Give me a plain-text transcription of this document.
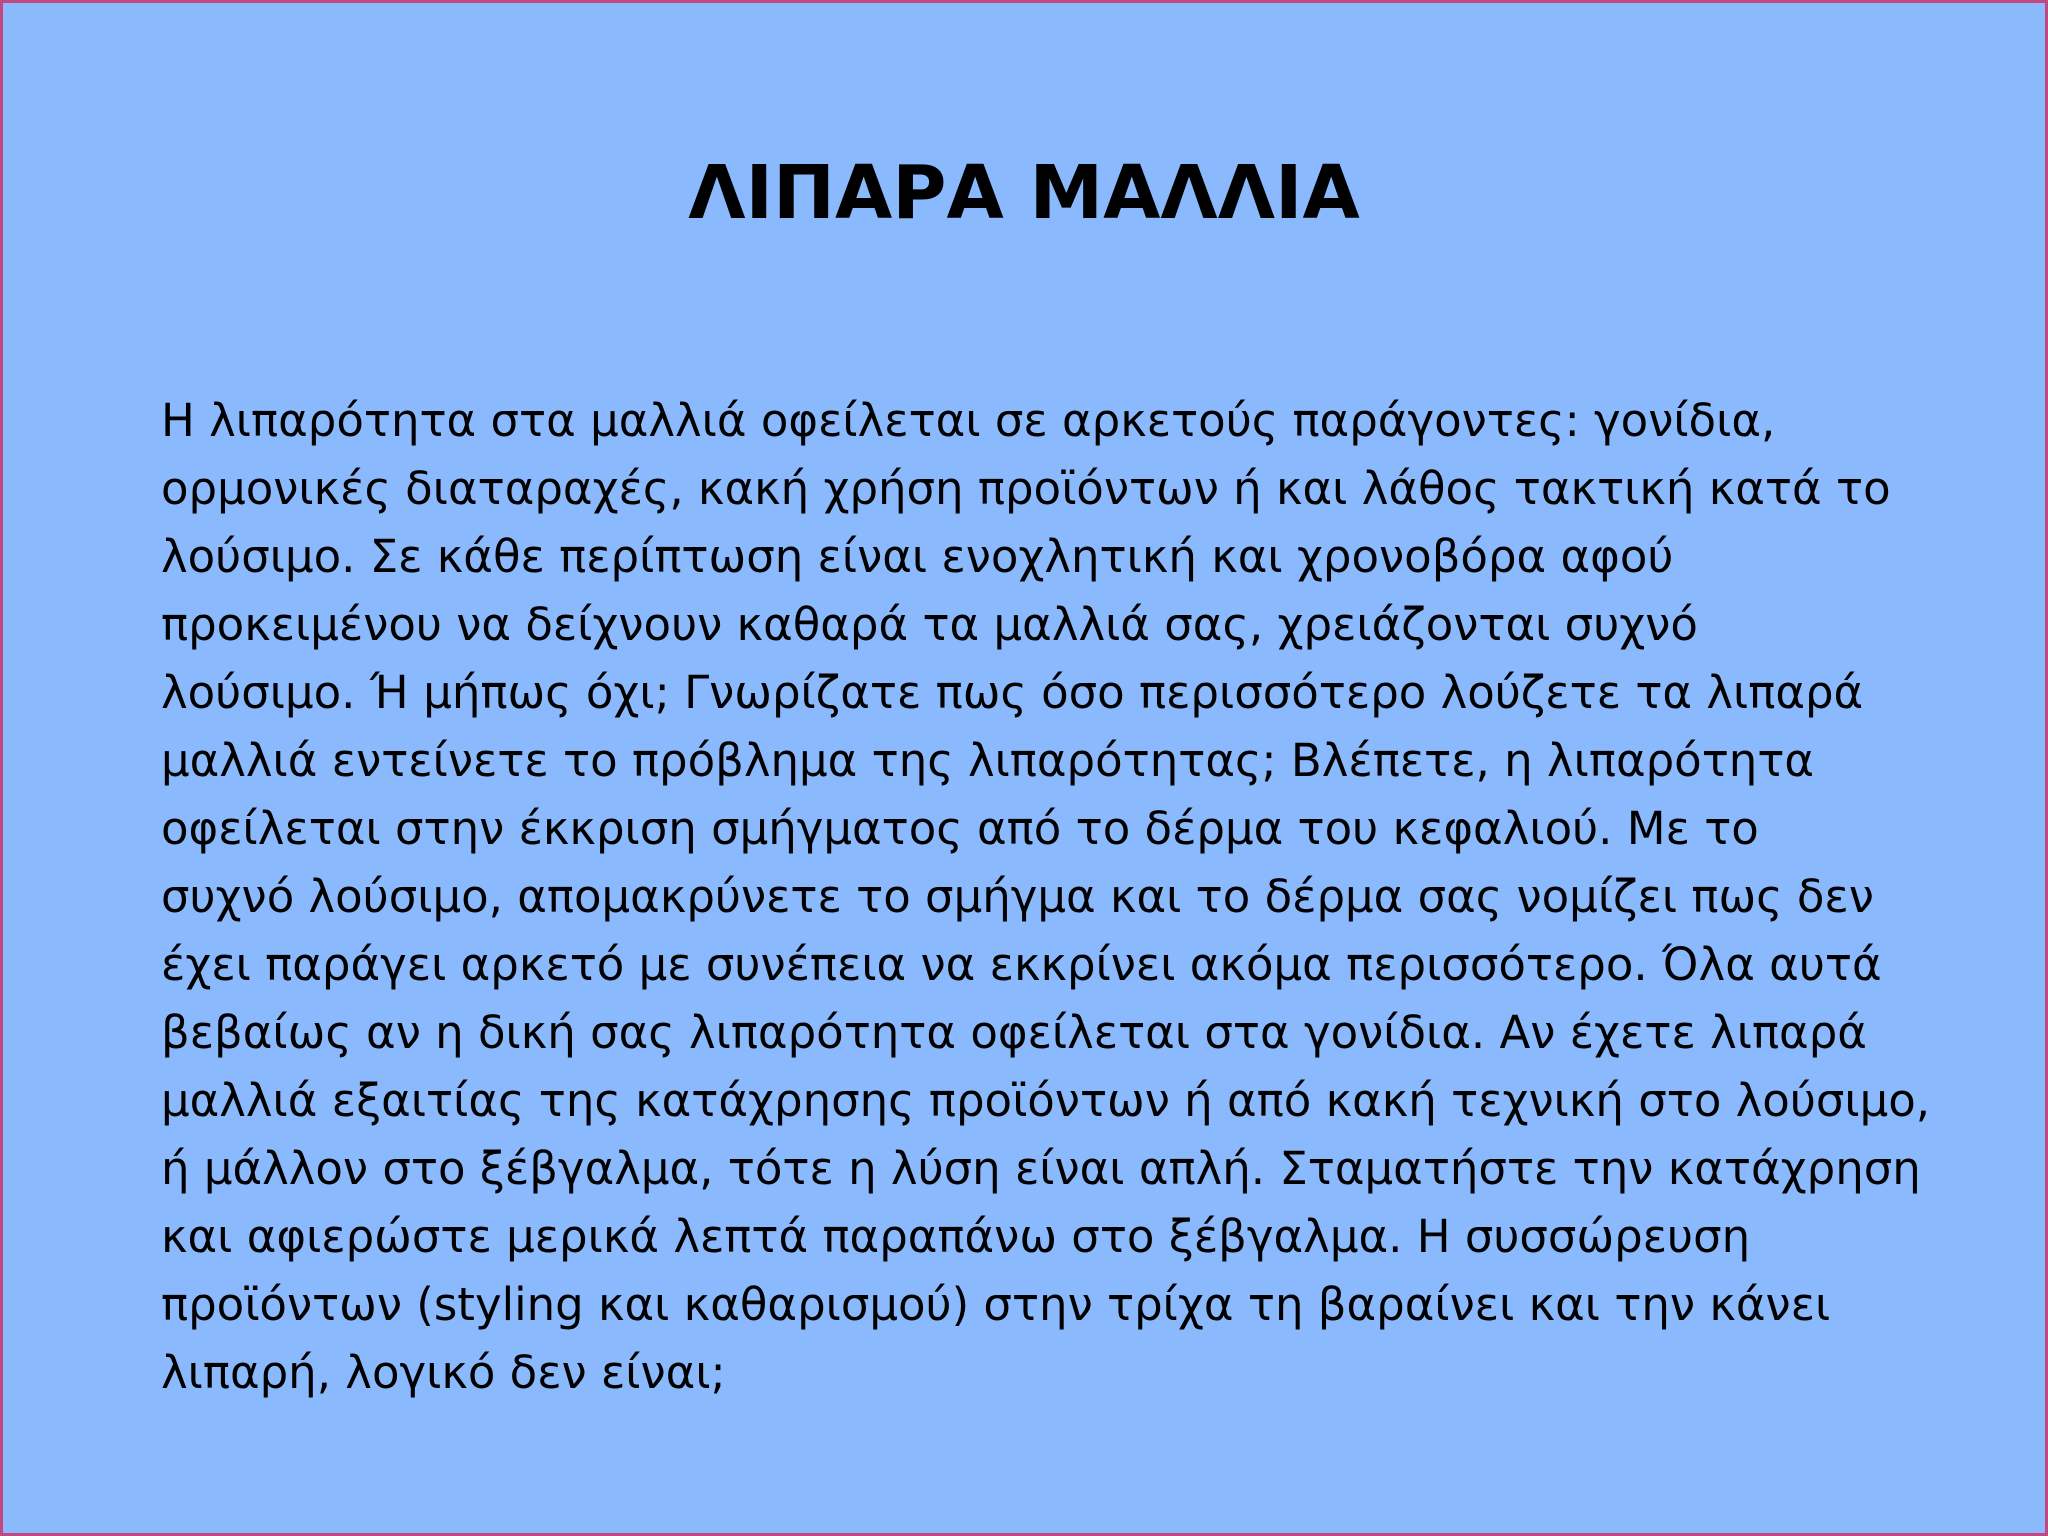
ΛΙΠΑΡΑ ΜΑΛΛΙΑ

Η λιπαρότητα στα μαλλιά οφείλεται σε αρκετούς παράγοντες: γονίδια,
ορμονικές διαταραχές, κακή χρήση προϊόντων ή και λάθος τακτική κατά το
λούσιμο. Σε κάθε περίπτωση είναι ενοχλητική και χρονοβόρα αφού
προκειμένου να δείχνουν καθαρά τα μαλλιά σας, χρειάζονται συχνό
λούσιμο. Ή μήπως όχι; Γνωρίζατε πως όσο περισσότερο λούζετε τα λιπαρά
μαλλιά εντείνετε το πρόβλημα της λιπαρότητας; Βλέπετε, η λιπαρότητα
οφείλεται στην έκκριση σμήγματος από το δέρμα του κεφαλιού. Με το
συχνό λούσιμο, απομακρύνετε το σμήγμα και το δέρμα σας νομίζει πως δεν
έχει παράγει αρκετό με συνέπεια να εκκρίνει ακόμα περισσότερο. Όλα αυτά
βεβαίως αν η δική σας λιπαρότητα οφείλεται στα γονίδια. Αν έχετε λιπαρά
μαλλιά εξαιτίας της κατάχρησης προϊόντων ή από κακή τεχνική στο λούσιμο,
ή μάλλον στο ξέβγαλμα, τότε η λύση είναι απλή. Σταματήστε την κατάχρηση
και αφιερώστε μερικά λεπτά παραπάνω στο ξέβγαλμα. Η συσσώρευση
προϊόντων (styling και καθαρισμού) στην τρίχα τη βαραίνει και την κάνει
λιπαρή, λογικό δεν είναι;
